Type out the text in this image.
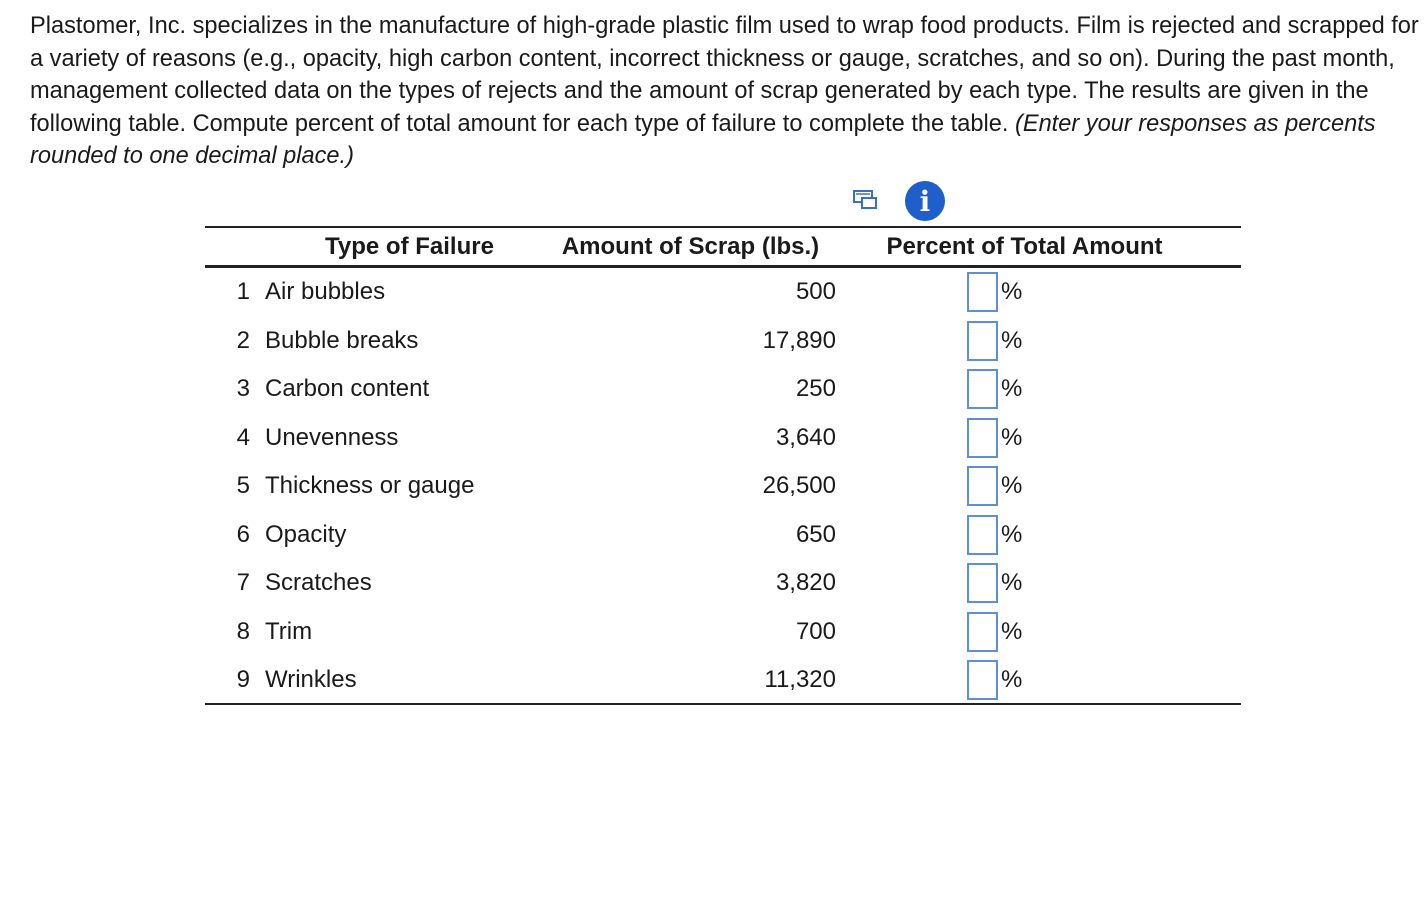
Plastomer, Inc. specializes in the manufacture of high-grade plastic film used to wrap food products. Film is rejected and scrapped for a variety of reasons (e.g., opacity, high carbon content, incorrect thickness or gauge, scratches, and so on). During the past month, management collected data on the types of rejects and the amount of scrap generated by each type. The results are given in the following table. Compute percent of total amount for each type of failure to complete the table. (Enter your responses as percents rounded to one decimal place.)
i
Type of Failure		Amount of Scrap (lbs.)	Percent of Total Amount
1	Air bubbles	500	%

2	Bubble breaks	17,890	%

3	Carbon content	250	%

4	Unevenness	3,640	%

5	Thickness or gauge	26,500	%

6	Opacity	650	%

7	Scratches	3,820	%

8	Trim	700	%

9	Wrinkles	11,320	%
